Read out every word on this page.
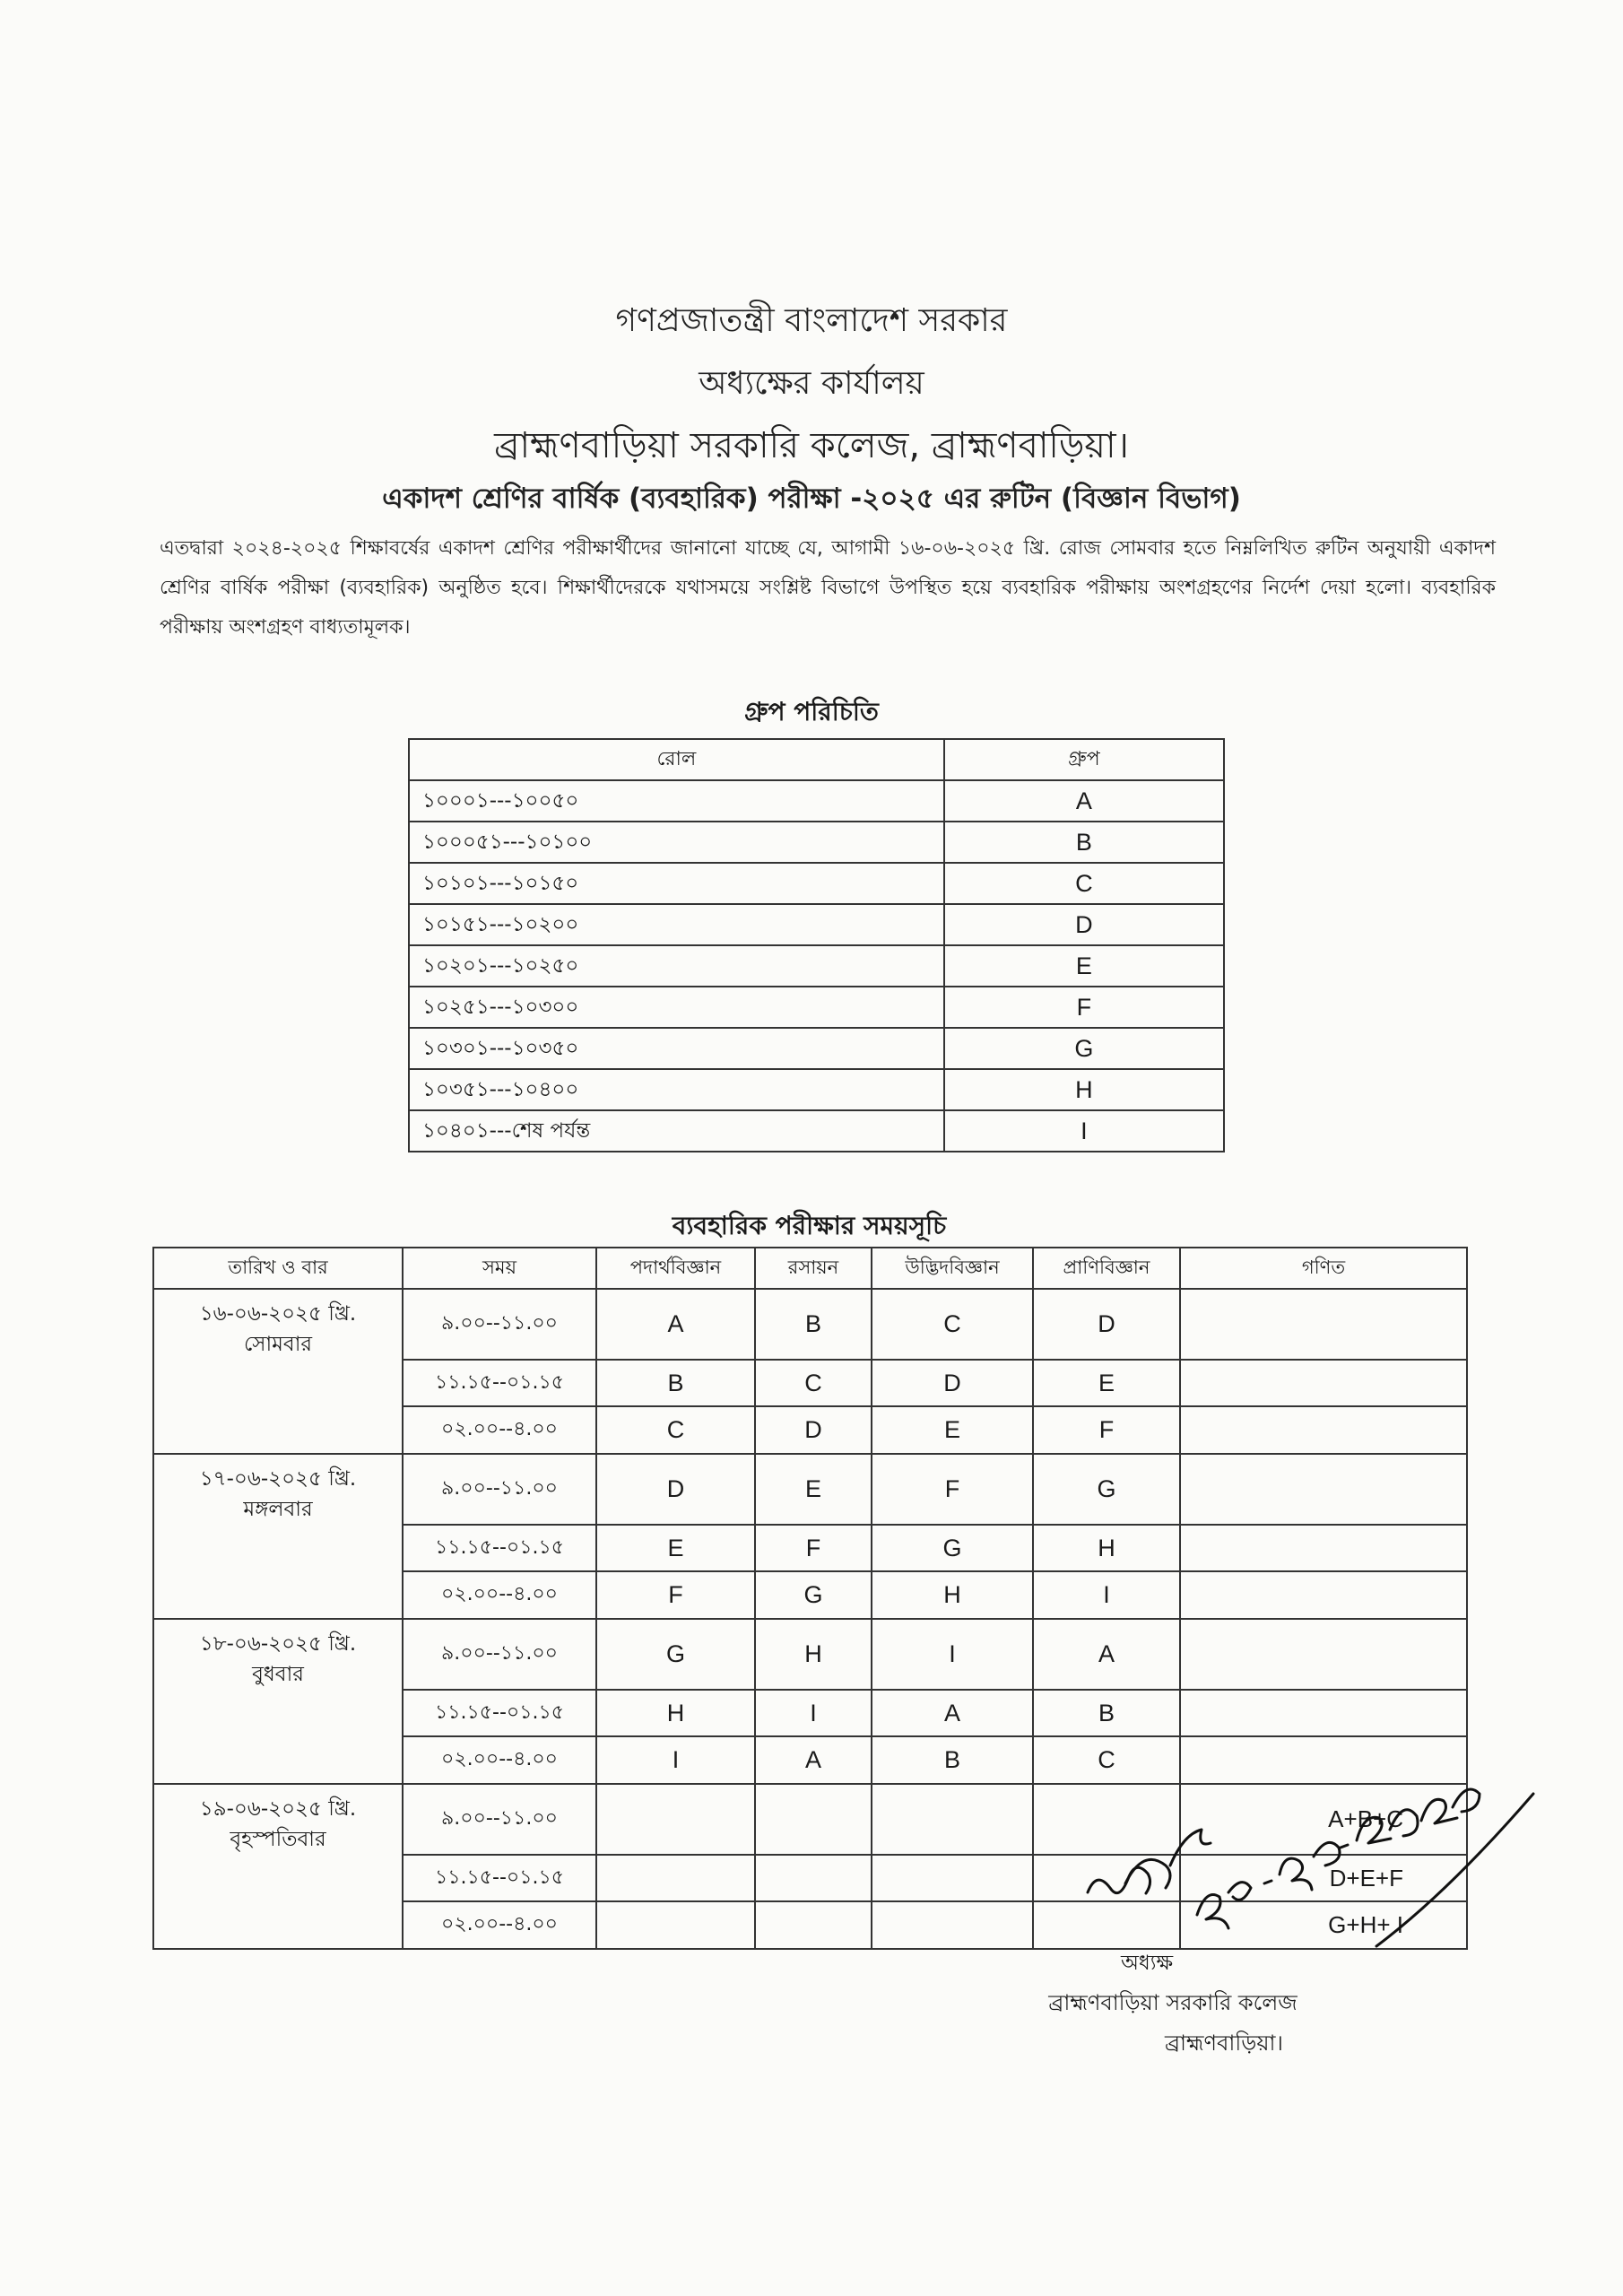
গণপ্রজাতন্ত্রী বাংলাদেশ সরকার
অধ্যক্ষের কার্যালয়
ব্রাহ্মণবাড়িয়া সরকারি কলেজ, ব্রাহ্মণবাড়িয়া।
একাদশ শ্রেণির বার্ষিক (ব্যবহারিক) পরীক্ষা -২০২৫ এর রুটিন (বিজ্ঞান বিভাগ)
এতদ্বারা ২০২৪-২০২৫ শিক্ষাবর্ষের একাদশ শ্রেণির পরীক্ষার্থীদের জানানো যাচ্ছে যে, আগামী ১৬-০৬-২০২৫ খ্রি. রোজ সোমবার হতে নিম্নলিখিত রুটিন অনুযায়ী একাদশ শ্রেণির বার্ষিক পরীক্ষা (ব্যবহারিক) অনুষ্ঠিত হবে। শিক্ষার্থীদেরকে যথাসময়ে সংশ্লিষ্ট বিভাগে উপস্থিত হয়ে ব্যবহারিক পরীক্ষায় অংশগ্রহণের নির্দেশ দেয়া হলো। ব্যবহারিক পরীক্ষায় অংশগ্রহণ বাধ্যতামূলক।
গ্রুপ পরিচিতি
রোল	গ্রুপ
১০০০১---১০০৫০	A
১০০০৫১---১০১০০	B
১০১০১---১০১৫০	C
১০১৫১---১০২০০	D
১০২০১---১০২৫০	E
১০২৫১---১০৩০০	F
১০৩০১---১০৩৫০	G
১০৩৫১---১০৪০০	H
১০৪০১---শেষ পর্যন্ত	I
ব্যবহারিক পরীক্ষার সময়সূচি
তারিখ ও বার	সময়	পদার্থবিজ্ঞান	রসায়ন	উদ্ভিদবিজ্ঞান	প্রাণিবিজ্ঞান	গণিত

১৬-০৬-২০২৫ খ্রি.
সোমবার	৯.০০--১১.০০	A	B	C	D	
	১১.১৫--০১.১৫	B	C	D	E	
	০২.০০--৪.০০	C	D	E	F	

১৭-০৬-২০২৫ খ্রি.
মঙ্গলবার	৯.০০--১১.০০	D	E	F	G	
	১১.১৫--০১.১৫	E	F	G	H	
	০২.০০--৪.০০	F	G	H	I	

১৮-০৬-২০২৫ খ্রি.
বুধবার	৯.০০--১১.০০	G	H	I	A	
	১১.১৫--০১.১৫	H	I	A	B	
	০২.০০--৪.০০	I	A	B	C	

১৯-০৬-২০২৫ খ্রি.
বৃহস্পতিবার	৯.০০--১১.০০					A+B+C
	১১.১৫--০১.১৫					D+E+F
	০২.০০--৪.০০					G+H+ I
অধ্যক্ষ
ব্রাহ্মণবাড়িয়া সরকারি কলেজ
ব্রাহ্মণবাড়িয়া।
